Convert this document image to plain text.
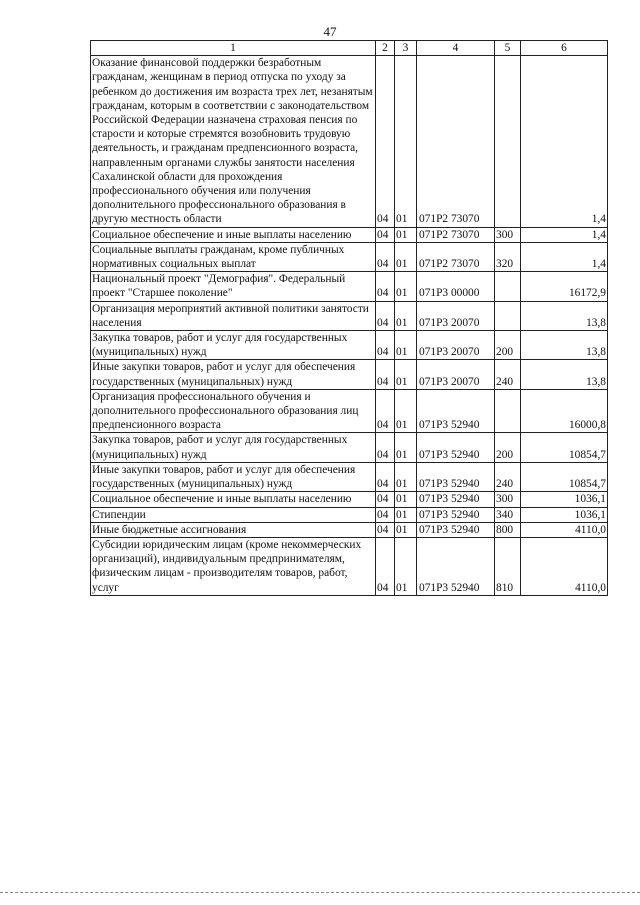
47
1	2	3	4	5	6
Оказание финансовой поддержки безработным гражданам, женщинам в период отпуска по уходу за ребенком до достижения им возраста трех лет, незанятым гражданам, которым в соответствии с законодательством Российской Федерации назначена страховая пенсия по старости и которые стремятся возобновить трудовую деятельность, и гражданам предпенсионного возраста, направленным органами службы занятости населения Сахалинской области для прохождения профессионального обучения или получения дополнительного профессионального образования в другую местность области	04	01	071P2 73070		1,4
Социальное обеспечение и иные выплаты населению	04	01	071P2 73070	300	1,4
Социальные выплаты гражданам, кроме публичных нормативных социальных выплат	04	01	071P2 73070	320	1,4
Национальный проект "Демография". Федеральный проект "Старшее поколение"	04	01	071P3 00000		16172,9
Организация мероприятий активной политики занятости населения	04	01	071P3 20070		13,8
Закупка товаров, работ и услуг для государственных (муниципальных) нужд	04	01	071P3 20070	200	13,8
Иные закупки товаров, работ и услуг для обеспечения государственных (муниципальных) нужд	04	01	071P3 20070	240	13,8
Организация профессионального обучения и дополнительного профессионального образования лиц предпенсионного возраста	04	01	071P3 52940		16000,8
Закупка товаров, работ и услуг для государственных (муниципальных) нужд	04	01	071P3 52940	200	10854,7
Иные закупки товаров, работ и услуг для обеспечения государственных (муниципальных) нужд	04	01	071P3 52940	240	10854,7
Социальное обеспечение и иные выплаты населению	04	01	071P3 52940	300	1036,1
Стипендии	04	01	071P3 52940	340	1036,1
Иные бюджетные ассигнования	04	01	071P3 52940	800	4110,0
Субсидии юридическим лицам (кроме некоммерческих организаций), индивидуальным предпринимателям, физическим лицам - производителям товаров, работ, услуг	04	01	071P3 52940	810	4110,0
